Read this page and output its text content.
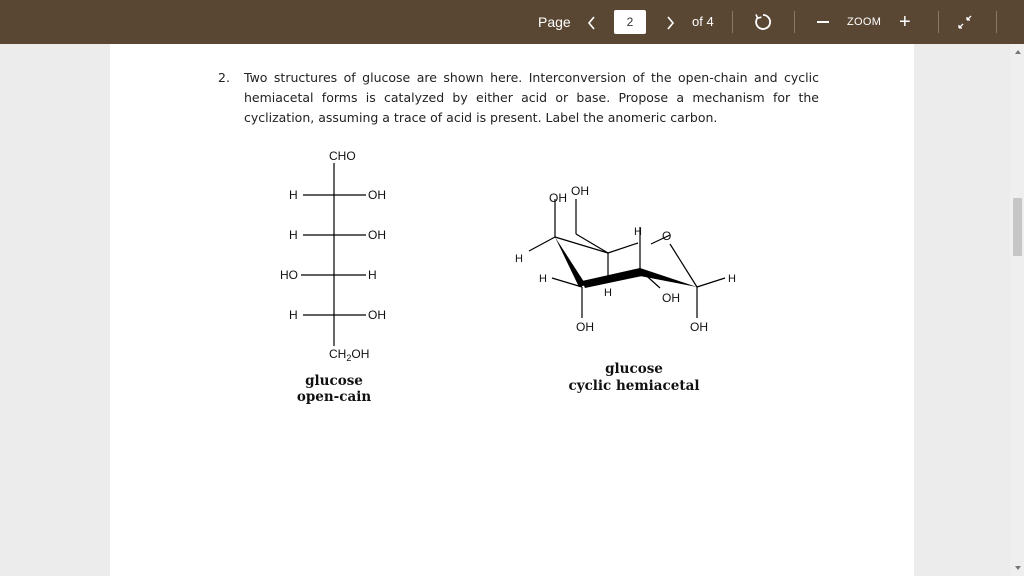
Page
2	of 4	ZOOM +
2. Two structures of glucose are shown here. Interconversion of the open-chain and cyclic hemiacetal forms is catalyzed by either acid or base. Propose a mechanism for the cyclization, assuming a trace of acid is present. Label the anomeric carbon.
CHO
H	OH
H	OH
HO	H
H	OH
$CH_2OH$
glucose
open-cain
OH OH
H O
H
H	H
H	OH
OH	OH
glucose
cyclic hemiacetal
